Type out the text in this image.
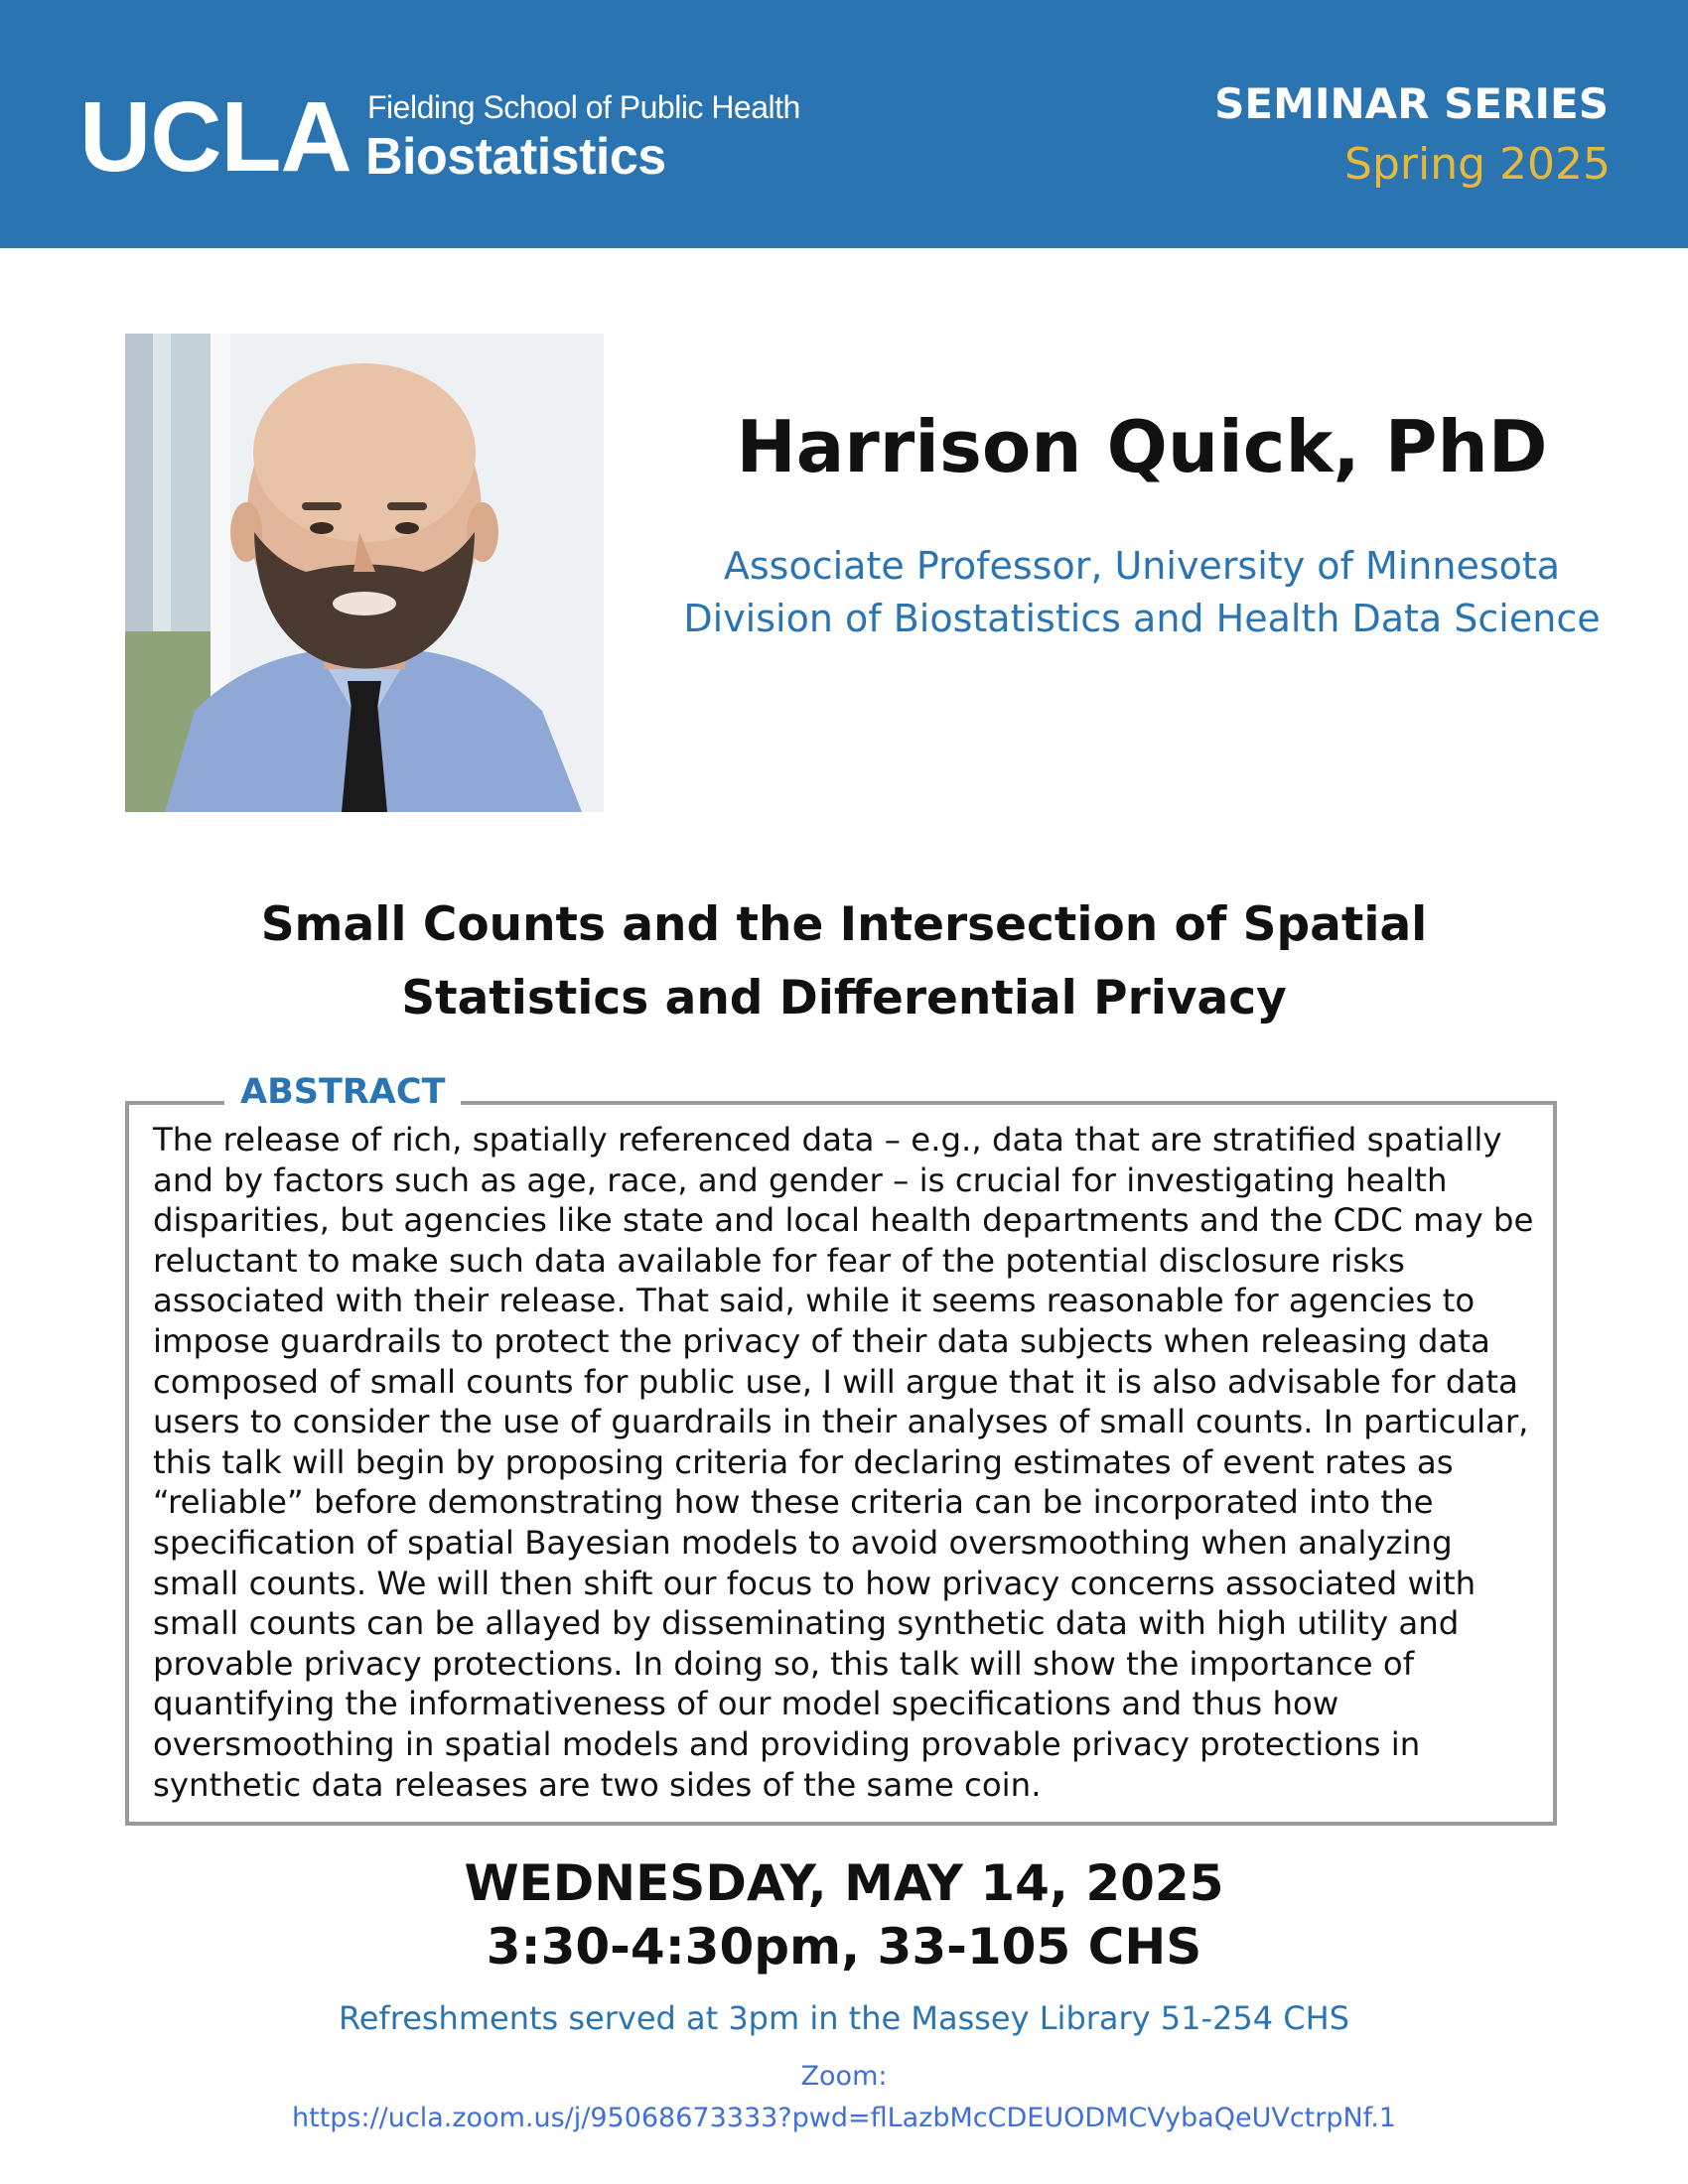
UCLA Fielding School of Public Health
Biostatistics
SEMINAR SERIES
Spring 2025
Harrison Quick, PhD
Associate Professor, University of Minnesota
Division of Biostatistics and Health Data Science
Small Counts and the Intersection of Spatial
Statistics and Differential Privacy
ABSTRACT
The release of rich, spatially referenced data – e.g., data that are stratified spatially
and by factors such as age, race, and gender – is crucial for investigating health
disparities, but agencies like state and local health departments and the CDC may be
reluctant to make such data available for fear of the potential disclosure risks
associated with their release. That said, while it seems reasonable for agencies to
impose guardrails to protect the privacy of their data subjects when releasing data
composed of small counts for public use, I will argue that it is also advisable for data
users to consider the use of guardrails in their analyses of small counts. In particular,
this talk will begin by proposing criteria for declaring estimates of event rates as
“reliable” before demonstrating how these criteria can be incorporated into the
specification of spatial Bayesian models to avoid oversmoothing when analyzing
small counts. We will then shift our focus to how privacy concerns associated with
small counts can be allayed by disseminating synthetic data with high utility and
provable privacy protections. In doing so, this talk will show the importance of
quantifying the informativeness of our model specifications and thus how
oversmoothing in spatial models and providing provable privacy protections in
synthetic data releases are two sides of the same coin.
WEDNESDAY, MAY 14, 2025
3:30-4:30pm, 33-105 CHS
Refreshments served at 3pm in the Massey Library 51-254 CHS
Zoom:
https://ucla.zoom.us/j/95068673333?pwd=flLazbMcCDEUODMCVybaQeUVctrpNf.1
